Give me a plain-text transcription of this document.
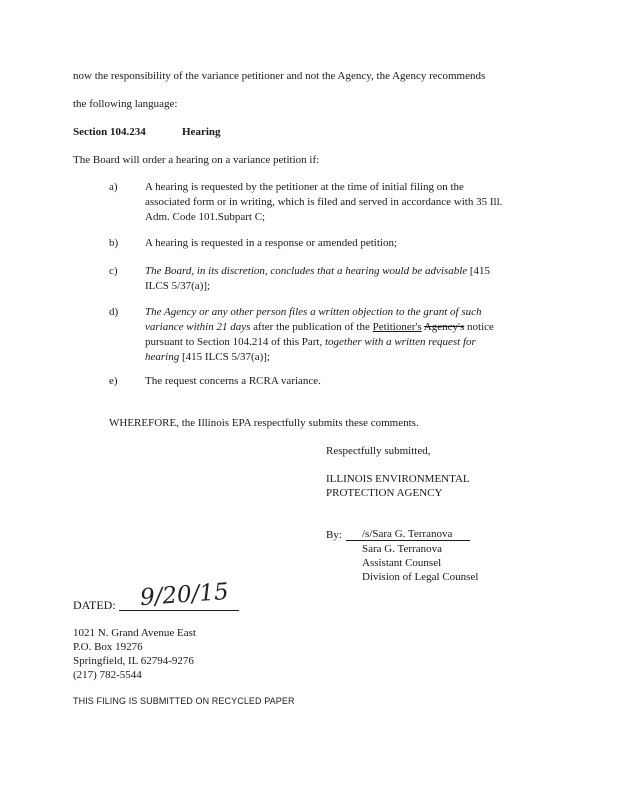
now the responsibility of the variance petitioner and not the Agency, the Agency recommends
the following language:
Section 104.234	Hearing
The Board will order a hearing on a variance petition if:
a) A hearing is requested by the petitioner at the time of initial filing on the
associated form or in writing, which is filed and served in accordance with 35 Ill.
Adm. Code 101.Subpart C;
b) A hearing is requested in a response or amended petition;
c) The Board, in its discretion, concludes that a hearing would be advisable [415
ILCS 5/37(a)];
d) The Agency or any other person files a written objection to the grant of such
variance within 21 days after the publication of the Petitioner's Agency's notice
pursuant to Section 104.214 of this Part, together with a written request for
hearing [415 ILCS 5/37(a)];
e) The request concerns a RCRA variance.
WHEREFORE, the Illinois EPA respectfully submits these comments.
Respectfully submitted,
ILLINOIS ENVIRONMENTAL
PROTECTION AGENCY
By: /s/Sara G. Terranova
Sara G. Terranova
Assistant Counsel
Division of Legal Counsel
DATED: 9/20/15
1021 N. Grand Avenue East
P.O. Box 19276
Springfield, IL 62794-9276
(217) 782-5544
THIS FILING IS SUBMITTED ON RECYCLED PAPER
